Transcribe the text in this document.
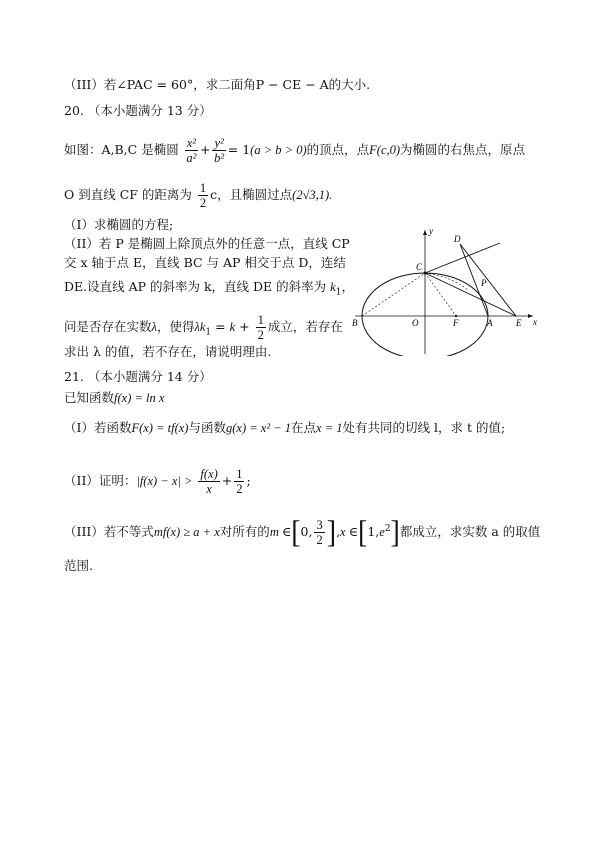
（III）若∠PAC = 60°，求二面角P − CE − A的大小.
20. （本小题满分 13 分）
如图：A,B,C 是椭圆 $\frac{\text{x²}}{\text{a²}} + \frac{\text{y²}}{\text{b²}} = 1(a > b > 0)$的顶点，点F(c,0)为椭圆的右焦点，原点
O 到直线 CF 的距离为 $\frac{1}{2}$ c，且椭圆过点(2√3,1).
（I）求椭圆的方程;
（II）若 P 是椭圆上除顶点外的任意一点，直线 CP
交 x 轴于点 E，直线 BC 与 AP 相交于点 D，连结
DE.设直线 AP 的斜率为 k，直线 DE 的斜率为 $k_1$，
问是否存在实数λ，使得$\lambda k_1 = k + \frac{1}{2}$ 成立，若存在
求出 λ 的值，若不存在，请说明理由.
y
x
B	O	F	A	E
C
D
P
21. （本小题满分 14 分）
已知函数f(x) = ln x
（I）若函数F(x) = tf(x)与函数g(x) = x² − 1在点x = 1处有共同的切线 l，求 t 的值;
（II）证明：$|f(x) - x| > \frac{f(x)}{x} + \frac{1}{2}$ ;
（III）若不等式mf(x) ≥ a + x对所有的m ∈[0, $\frac{3}{2} ],x$ $\in[1,e^2]$都成立，求实数 a 的取值
范围.
